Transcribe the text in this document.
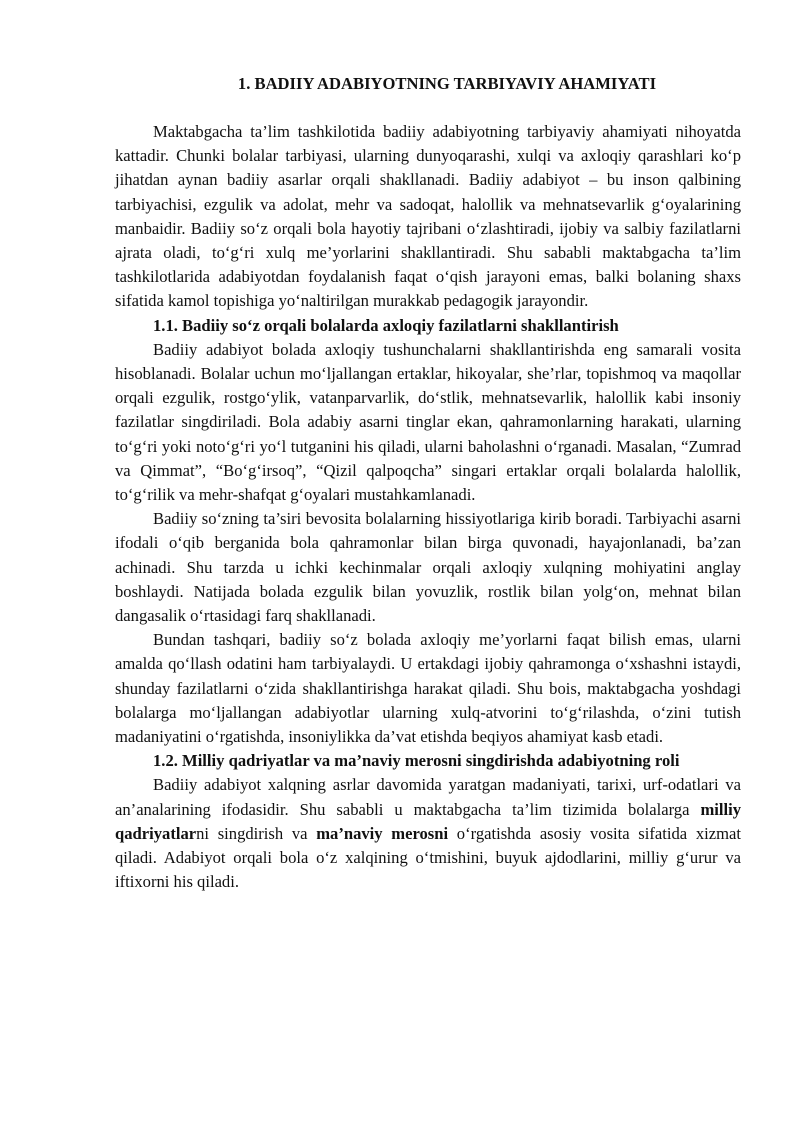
1. BADIIY ADABIYOTNING TARBIYAVIY AHAMIYATI

Maktabgacha ta’lim tashkilotida badiiy adabiyotning tarbiyaviy ahamiyati nihoyatda kattadir. Chunki bolalar tarbiyasi, ularning dunyoqarashi, xulqi va axloqiy qarashlari ko‘p jihatdan aynan badiiy asarlar orqali shakllanadi. Badiiy adabiyot – bu inson qalbining tarbiyachisi, ezgulik va adolat, mehr va sadoqat, halollik va mehnatsevarlik g‘oyalarining manbaidir. Badiiy so‘z orqali bola hayotiy tajribani o‘zlashtiradi, ijobiy va salbiy fazilatlarni ajrata oladi, to‘g‘ri xulq me’yorlarini shakllantiradi. Shu sababli maktabgacha ta’lim tashkilotlarida adabiyotdan foydalanish faqat o‘qish jarayoni emas, balki bolaning shaxs sifatida kamol topishiga yo‘naltirilgan murakkab pedagogik jarayondir.

1.1. Badiiy so‘z orqali bolalarda axloqiy fazilatlarni shakllantirish

Badiiy adabiyot bolada axloqiy tushunchalarni shakllantirishda eng samarali vosita hisoblanadi. Bolalar uchun mo‘ljallangan ertaklar, hikoyalar, she’rlar, topishmoq va maqollar orqali ezgulik, rostgo‘ylik, vatanparvarlik, do‘stlik, mehnatsevarlik, halollik kabi insoniy fazilatlar singdiriladi. Bola adabiy asarni tinglar ekan, qahramonlarning harakati, ularning to‘g‘ri yoki noto‘g‘ri yo‘l tutganini his qiladi, ularni baholashni o‘rganadi. Masalan, “Zumrad va Qimmat”, “Bo‘g‘irsoq”, “Qizil qalpoqcha” singari ertaklar orqali bolalarda halollik, to‘g‘rilik va mehr-shafqat g‘oyalari mustahkamlanadi.

Badiiy so‘zning ta’siri bevosita bolalarning hissiyotlariga kirib boradi. Tarbiyachi asarni ifodali o‘qib berganida bola qahramonlar bilan birga quvonadi, hayajonlanadi, ba’zan achinadi. Shu tarzda u ichki kechinmalar orqali axloqiy xulqning mohiyatini anglay boshlaydi. Natijada bolada ezgulik bilan yovuzlik, rostlik bilan yolg‘on, mehnat bilan dangasalik o‘rtasidagi farq shakllanadi.

Bundan tashqari, badiiy so‘z bolada axloqiy me’yorlarni faqat bilish emas, ularni amalda qo‘llash odatini ham tarbiyalaydi. U ertakdagi ijobiy qahramonga o‘xshashni istaydi, shunday fazilatlarni o‘zida shakllantirishga harakat qiladi. Shu bois, maktabgacha yoshdagi bolalarga mo‘ljallangan adabiyotlar ularning xulq-atvorini to‘g‘rilashda, o‘zini tutish madaniyatini o‘rgatishda, insoniylikka da’vat etishda beqiyos ahamiyat kasb etadi.

1.2. Milliy qadriyatlar va ma’naviy merosni singdirishda adabiyotning roli

Badiiy adabiyot xalqning asrlar davomida yaratgan madaniyati, tarixi, urf-odatlari va an’analarining ifodasidir. Shu sababli u maktabgacha ta’lim tizimida bolalarga milliy qadriyatlarni singdirish va ma’naviy merosni o‘rgatishda asosiy vosita sifatida xizmat qiladi. Adabiyot orqali bola o‘z xalqining o‘tmishini, buyuk ajdodlarini, milliy g‘urur va iftixorni his qiladi.
